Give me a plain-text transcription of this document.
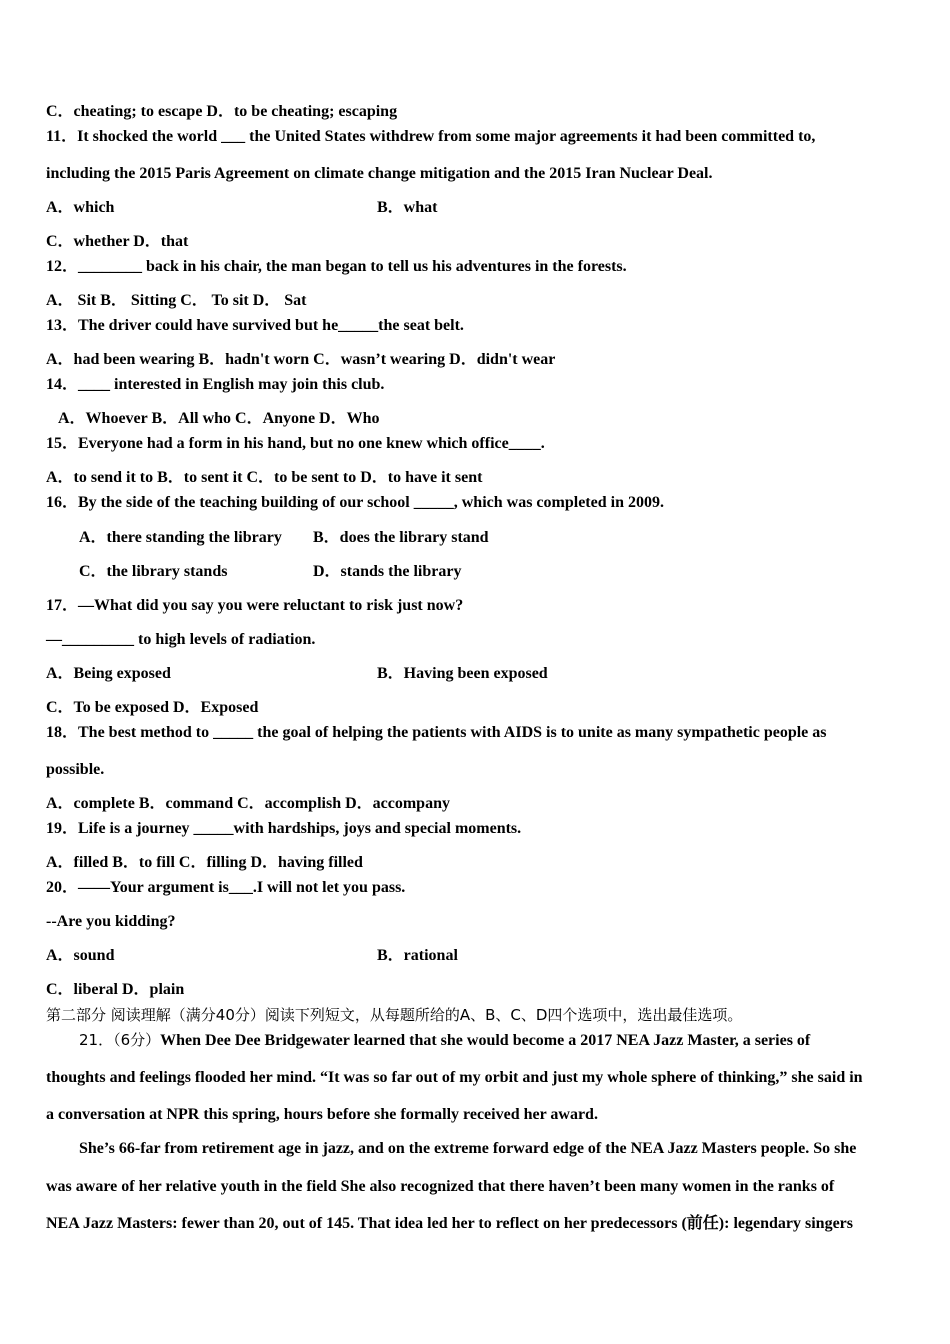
C．cheating; to escape D．to be cheating; escaping
11．It shocked the world ___ the United States withdrew from some major agreements it had been committed to,
including the 2015 Paris Agreement on climate change mitigation and the 2015 Iran Nuclear Deal.
A．which	B．what
C．whether D．that
12．________ back in his chair, the man began to tell us his adventures in the forests.
A． Sit B． Sitting C． To sit D． Sat
13．The driver could have survived but he_____the seat belt.
A．had been wearing B．hadn't worn C．wasn’t wearing D．didn't wear
14．____ interested in English may join this club.
A．Whoever B．All who C．Anyone D．Who
15．Everyone had a form in his hand, but no one knew which office____.
A．to send it to B．to sent it C．to be sent to D．to have it sent
16．By the side of the teaching building of our school _____, which was completed in 2009.
A．there standing the library B．does the library stand
C．the library stands	D．stands the library
17．—What did you say you were reluctant to risk just now?
—_________ to high levels of radiation.
A．Being exposed	B．Having been exposed
C．To be exposed D．Exposed
18．The best method to _____ the goal of helping the patients with AIDS is to unite as many sympathetic people as
possible.
A．complete B．command C．accomplish D．accompany
19．Life is a journey _____with hardships, joys and special moments.
A．filled B．to fill C．filling D．having filled
20．——Your argument is___.I will not let you pass.
--Are you kidding?
A．sound	B．rational
C．liberal D．plain
第二部分 阅读理解（满分40分）阅读下列短文，从每题所给的A、B、C、D四个选项中，选出最佳选项。
21．（6分）When Dee Dee Bridgewater learned that she would become a 2017 NEA Jazz Master, a series of
thoughts and feelings flooded her mind. “It was so far out of my orbit and just my whole sphere of thinking,” she said in
a conversation at NPR this spring, hours before she formally received her award.
She’s 66-far from retirement age in jazz, and on the extreme forward edge of the NEA Jazz Masters people. So she
was aware of her relative youth in the field She also recognized that there haven’t been many women in the ranks of
NEA Jazz Masters: fewer than 20, out of 145. That idea led her to reflect on her predecessors (前任): legendary singers
